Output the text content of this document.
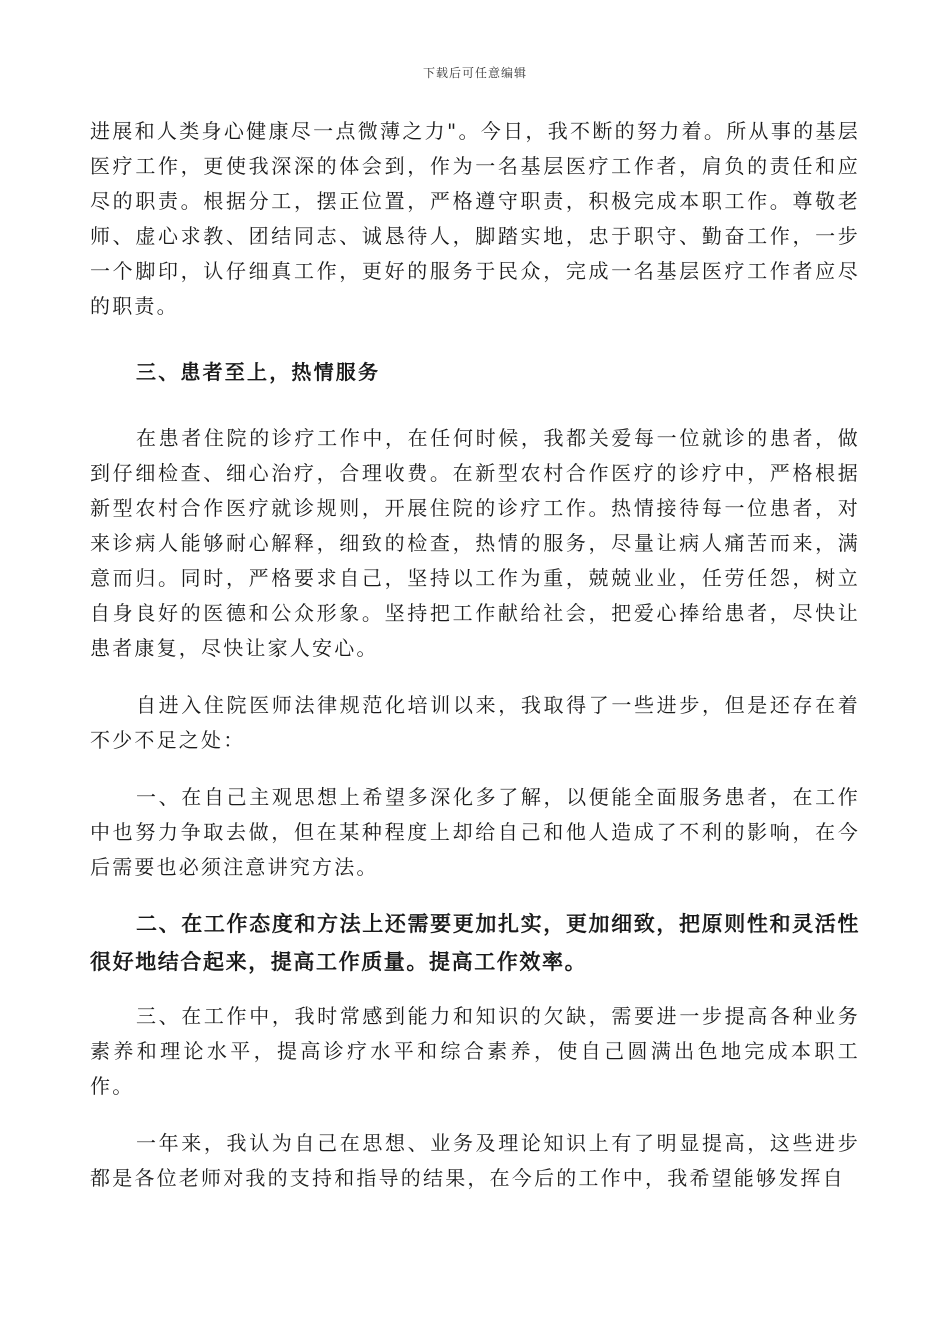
下载后可任意编辑

进展和人类身心健康尽一点微薄之力"。今日，我不断的努力着。所从事的基层医疗工作，更使我深深的体会到，作为一名基层医疗工作者，肩负的责任和应尽的职责。根据分工，摆正位置，严格遵守职责，积极完成本职工作。尊敬老师、虚心求教、团结同志、诚恳待人，脚踏实地，忠于职守、勤奋工作，一步一个脚印，认仔细真工作，更好的服务于民众，完成一名基层医疗工作者应尽的职责。

三、患者至上，热情服务

在患者住院的诊疗工作中，在任何时候，我都关爱每一位就诊的患者，做到仔细检查、细心治疗，合理收费。在新型农村合作医疗的诊疗中，严格根据新型农村合作医疗就诊规则，开展住院的诊疗工作。热情接待每一位患者，对来诊病人能够耐心解释，细致的检查，热情的服务，尽量让病人痛苦而来，满意而归。同时，严格要求自己，坚持以工作为重，兢兢业业，任劳任怨，树立自身良好的医德和公众形象。坚持把工作献给社会，把爱心捧给患者，尽快让患者康复，尽快让家人安心。

自进入住院医师法律规范化培训以来，我取得了一些进步，但是还存在着不少不足之处：

一、在自己主观思想上希望多深化多了解，以便能全面服务患者，在工作中也努力争取去做，但在某种程度上却给自己和他人造成了不利的影响，在今后需要也必须注意讲究方法。

二、在工作态度和方法上还需要更加扎实，更加细致，把原则性和灵活性很好地结合起来，提高工作质量。提高工作效率。

三、在工作中，我时常感到能力和知识的欠缺，需要进一步提高各种业务素养和理论水平，提高诊疗水平和综合素养，使自己圆满出色地完成本职工作。

一年来，我认为自己在思想、业务及理论知识上有了明显提高，这些进步都是各位老师对我的支持和指导的结果，在今后的工作中，我希望能够发挥自
